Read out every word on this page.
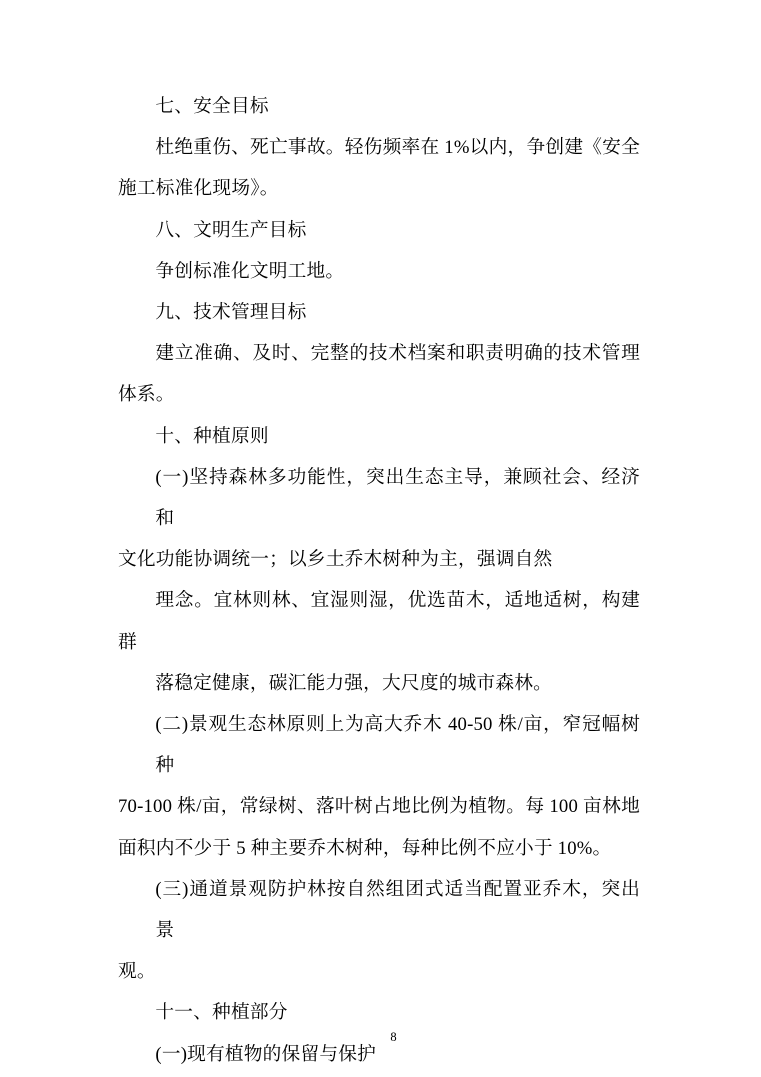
七、安全目标
杜绝重伤、死亡事故。轻伤频率在 1%以内，争创建《安全
施工标准化现场》。
八、文明生产目标
争创标准化文明工地。
九、技术管理目标
建立准确、及时、完整的技术档案和职责明确的技术管理
体系。
十、种植原则
(一)坚持森林多功能性，突出生态主导，兼顾社会、经济和
文化功能协调统一；以乡土乔木树种为主，强调自然
理念。宜林则林、宜湿则湿，优选苗木，适地适树，构建
群
落稳定健康，碳汇能力强，大尺度的城市森林。
(二)景观生态林原则上为高大乔木 40-50 株/亩，窄冠幅树种
70-100 株/亩，常绿树、落叶树占地比例为植物。每 100 亩林地
面积内不少于 5 种主要乔木树种，每种比例不应小于 10%。
(三)通道景观防护林按自然组团式适当配置亚乔木，突出景
观。
十一、种植部分
(一)现有植物的保留与保护
8
